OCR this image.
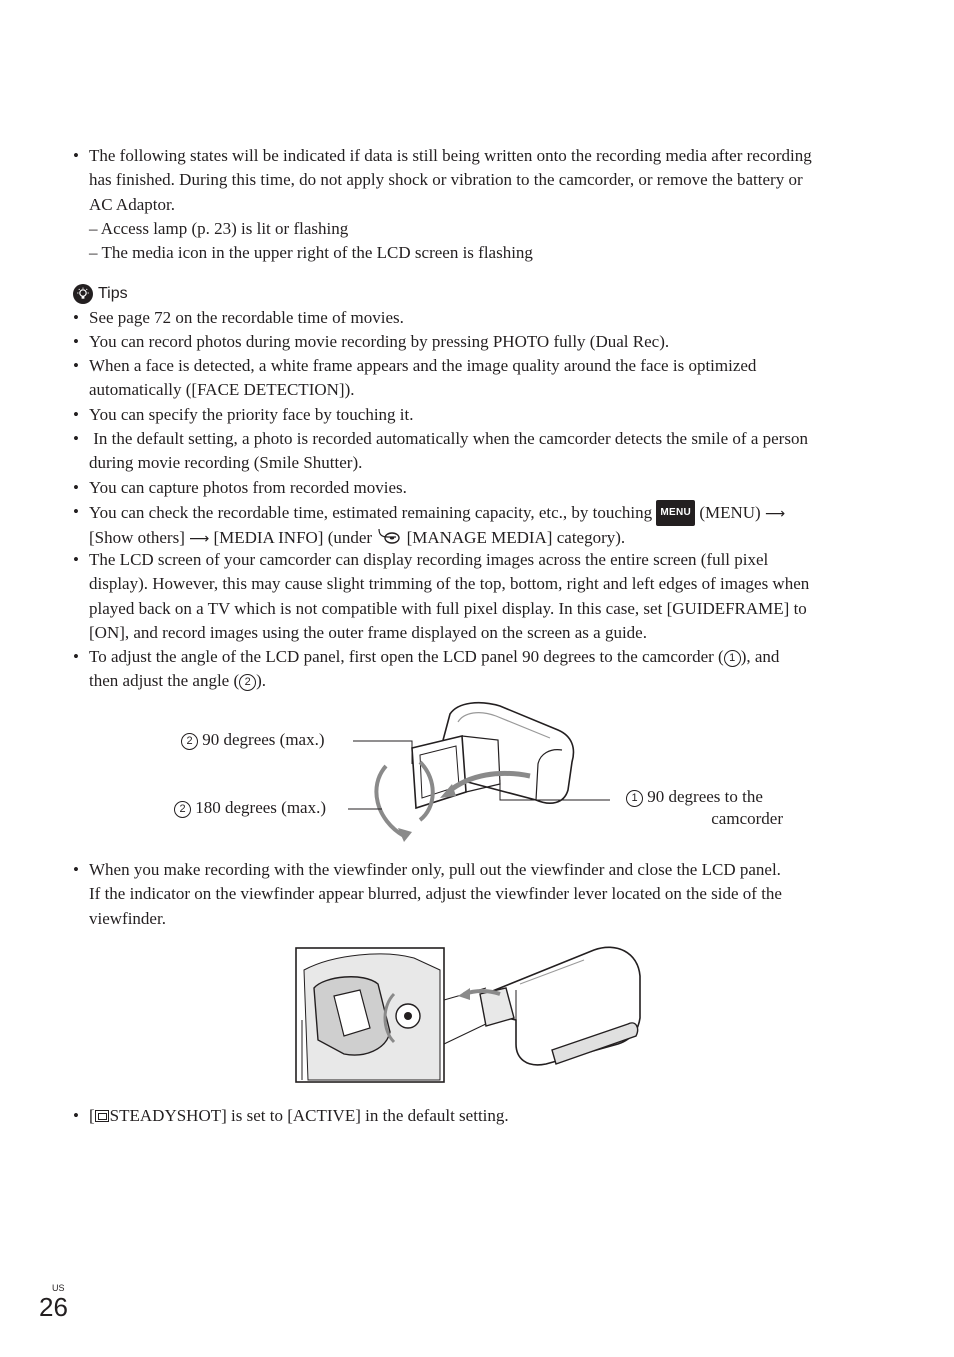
• The following states will be indicated if data is still being written onto the recording media after recording
has finished. During this time, do not apply shock or vibration to the camcorder, or remove the battery or
AC Adaptor.
– Access lamp (p. 23) is lit or flashing
– The media icon in the upper right of the LCD screen is flashing
Tips
• See page 72 on the recordable time of movies.
• You can record photos during movie recording by pressing PHOTO fully (Dual Rec).
• When a face is detected, a white frame appears and the image quality around the face is optimized
automatically ([FACE DETECTION]).
• You can specify the priority face by touching it.
• In the default setting, a photo is recorded automatically when the camcorder detects the smile of a person
during movie recording (Smile Shutter).
• You can capture photos from recorded movies.
• You can check the recordable time, estimated remaining capacity, etc., by touching MENU (MENU) ⟶
[Show others] ⟶ [MEDIA INFO] (under [MANAGE MEDIA] category).
• The LCD screen of your camcorder can display recording images across the entire screen (full pixel
display). However, this may cause slight trimming of the top, bottom, right and left edges of images when
played back on a TV which is not compatible with full pixel display. In this case, set [GUIDEFRAME] to
[ON], and record images using the outer frame displayed on the screen as a guide.
• To adjust the angle of the LCD panel, first open the LCD panel 90 degrees to the camcorder ( 1 ), and
then adjust the angle ( 2 ).
2 90 degrees (max.)
2 180 degrees (max.)	1 90 degrees to the
camcorder
• When you make recording with the viewfinder only, pull out the viewfinder and close the LCD panel.
If the indicator on the viewfinder appear blurred, adjust the viewfinder lever located on the side of the
viewfinder.
• [ STEADYSHOT] is set to [ACTIVE] in the default setting.
US
26
